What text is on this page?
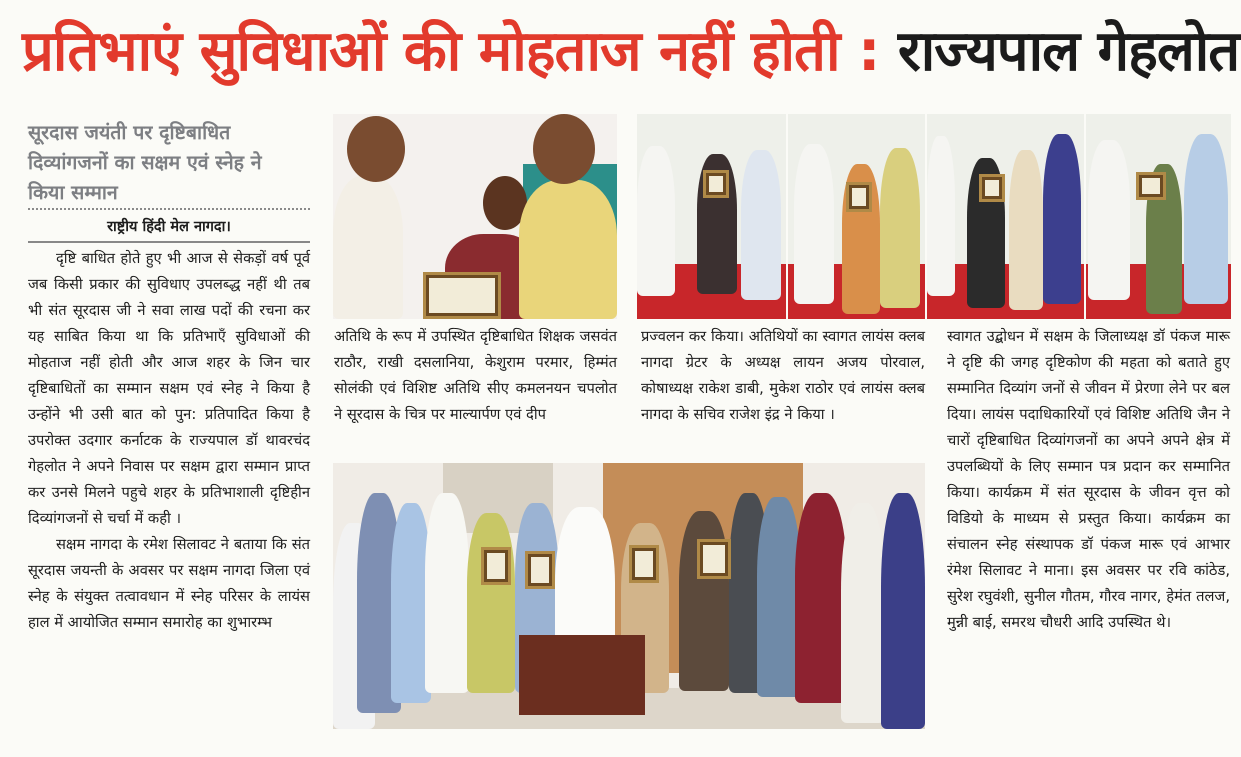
प्रतिभाएं सुविधाओं की मोहताज नहीं होती : राज्यपाल गेहलोत
सूरदास जयंती पर दृष्टिबाधित
दिव्यांगजनों का सक्षम एवं स्नेह ने
किया सम्मान
राष्ट्रीय हिंदी मेल नागदा।

दृष्टि बाधित होते हुए भी आज से सेकड़ों वर्ष पूर्व जब किसी प्रकार की सुविधाए उपलब्द्ध नहीं थी तब भी संत सूरदास जी ने सवा लाख पदों की रचना कर यह साबित किया था कि प्रतिभाएँ सुविधाओं की मोहताज नहीं होती और आज शहर के जिन चार दृष्टिबाधितों का सम्मान सक्षम एवं स्नेह ने किया है उन्होंने भी उसी बात को पुन: प्रतिपादित किया है उपरोक्त उदगार कर्नाटक के राज्यपाल डॉ थावरचंद गेहलोत ने अपने निवास पर सक्षम द्वारा सम्मान प्राप्त कर उनसे मिलने पहुचे शहर के प्रतिभाशाली दृष्टिहीन दिव्यांगजनों से चर्चा में कही ।

सक्षम नागदा के रमेश सिलावट ने बताया कि संत सूरदास जयन्ती के अवसर पर सक्षम नागदा जिला एवं स्नेह के संयुक्त तत्वावधान में स्नेह परिसर के लायंस हाल में आयोजित सम्मान समारोह का शुभारम्भ

अतिथि के रूप में उपस्थित दृष्टिबाधित शिक्षक जसवंत राठौर, राखी दसलानिया, केशुराम परमार, हिम्मंत सोलंकी एवं विशिष्ट अतिथि सीए कमलनयन चपलोत ने सूरदास के चित्र पर माल्यार्पण एवं दीप

प्रज्वलन कर किया। अतिथियों का स्वागत लायंस क्लब नागदा ग्रेटर के अध्यक्ष लायन अजय पोरवाल, कोषाध्यक्ष राकेश डाबी, मुकेश राठोर एवं लायंस क्लब नागदा के सचिव राजेश इंद्र ने किया ।

स्वागत उद्बोधन में सक्षम के जिलाध्यक्ष डॉ पंकज मारू ने दृष्टि की जगह दृष्टिकोण की महता को बताते हुए सम्मानित दिव्यांग जनों से जीवन में प्रेरणा लेने पर बल दिया। लायंस पदाधिकारियों एवं विशिष्ट अतिथि जैन ने चारों दृष्टिबाधित दिव्यांगजनों का अपने अपने क्षेत्र में उपलब्धियों के लिए सम्मान पत्र प्रदान कर सम्मानित किया। कार्यक्रम में संत सूरदास के जीवन वृत्त को विडियो के माध्यम से प्रस्तुत किया। कार्यक्रम का संचालन स्नेह संस्थापक डॉ पंकज मारू एवं आभार रंमेश सिलावट ने माना। इस अवसर पर रवि कांठेड, सुरेश रघुवंशी, सुनील गौतम, गौरव नागर, हेमंत तलज, मुन्नी बाई, समरथ चौधरी आदि उपस्थित थे।
